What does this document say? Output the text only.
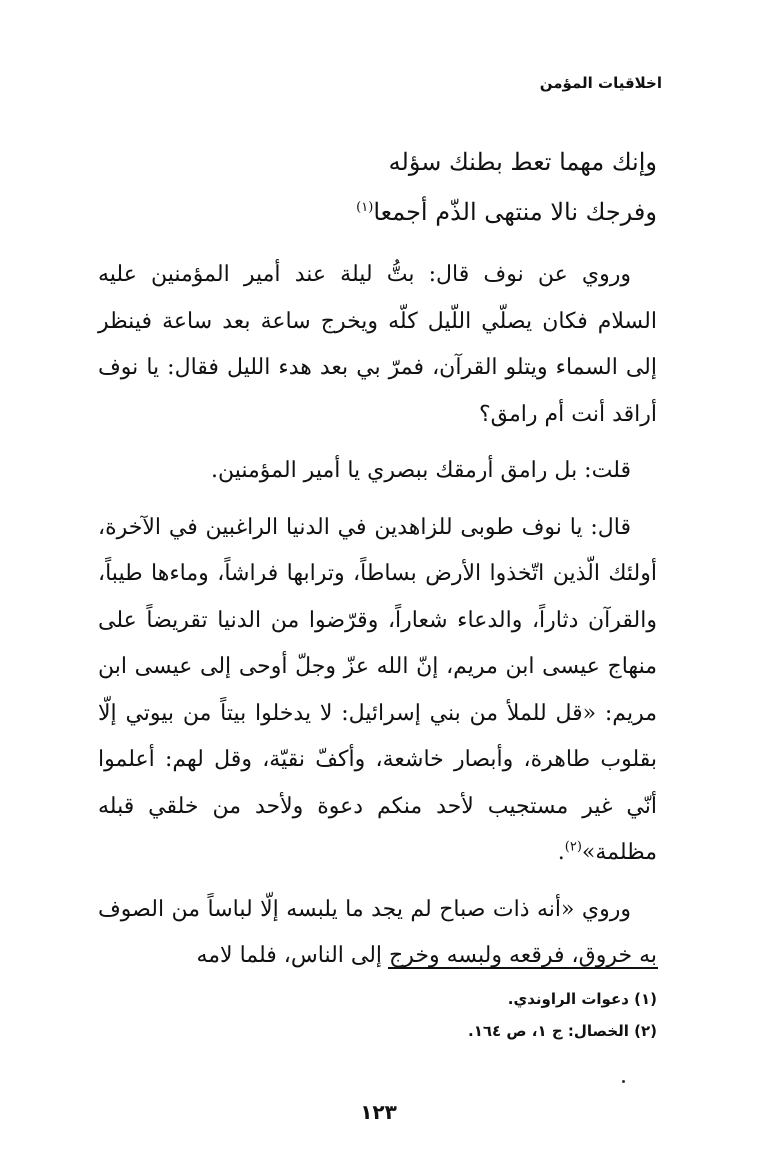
اخلاقيات المؤمن
وإنك مهما تعط بطنك سؤله
وفرجك نالا منتهى الذّم أجمعا$^{(١)}$

وروي عن نوف قال: بتُّ ليلة عند أمير المؤمنين عليه السلام فكان يصلّي اللّيل كلّه ويخرج ساعة بعد ساعة فينظر إلى السماء ويتلو القرآن، فمرّ بي بعد هدء الليل فقال: يا نوف أراقد أنت أم رامق؟

قلت: بل رامق أرمقك ببصري يا أمير المؤمنين.

قال: يا نوف طوبى للزاهدين في الدنيا الراغبين في الآخرة، أولئك الّذين اتّخذوا الأرض بساطاً، وترابها فراشاً، وماءها طيباً، والقرآن دثاراً، والدعاء شعاراً، وقرّضوا من الدنيا تقريضاً على منهاج عيسى ابن مريم، إنّ الله عزّ وجلّ أوحى إلى عيسى ابن مريم: «قل للملأ من بني إسرائيل: لا يدخلوا بيتاً من بيوتي إلّا بقلوب طاهرة، وأبصار خاشعة، وأكفّ نقيّة، وقل لهم: أعلموا أنّي غير مستجيب لأحد منكم دعوة ولأحد من خلقي قبله مظلمة»$^{(٢)}$.

وروي «أنه ذات صباح لم يجد ما يلبسه إلّا لباساً من الصوف به خروق، فرقعه ولبسه وخرج إلى الناس، فلما لامه

(١) دعوات الراوندي.
(٢) الخصال: ج ١، ص ١٦٤.
١٢٣
